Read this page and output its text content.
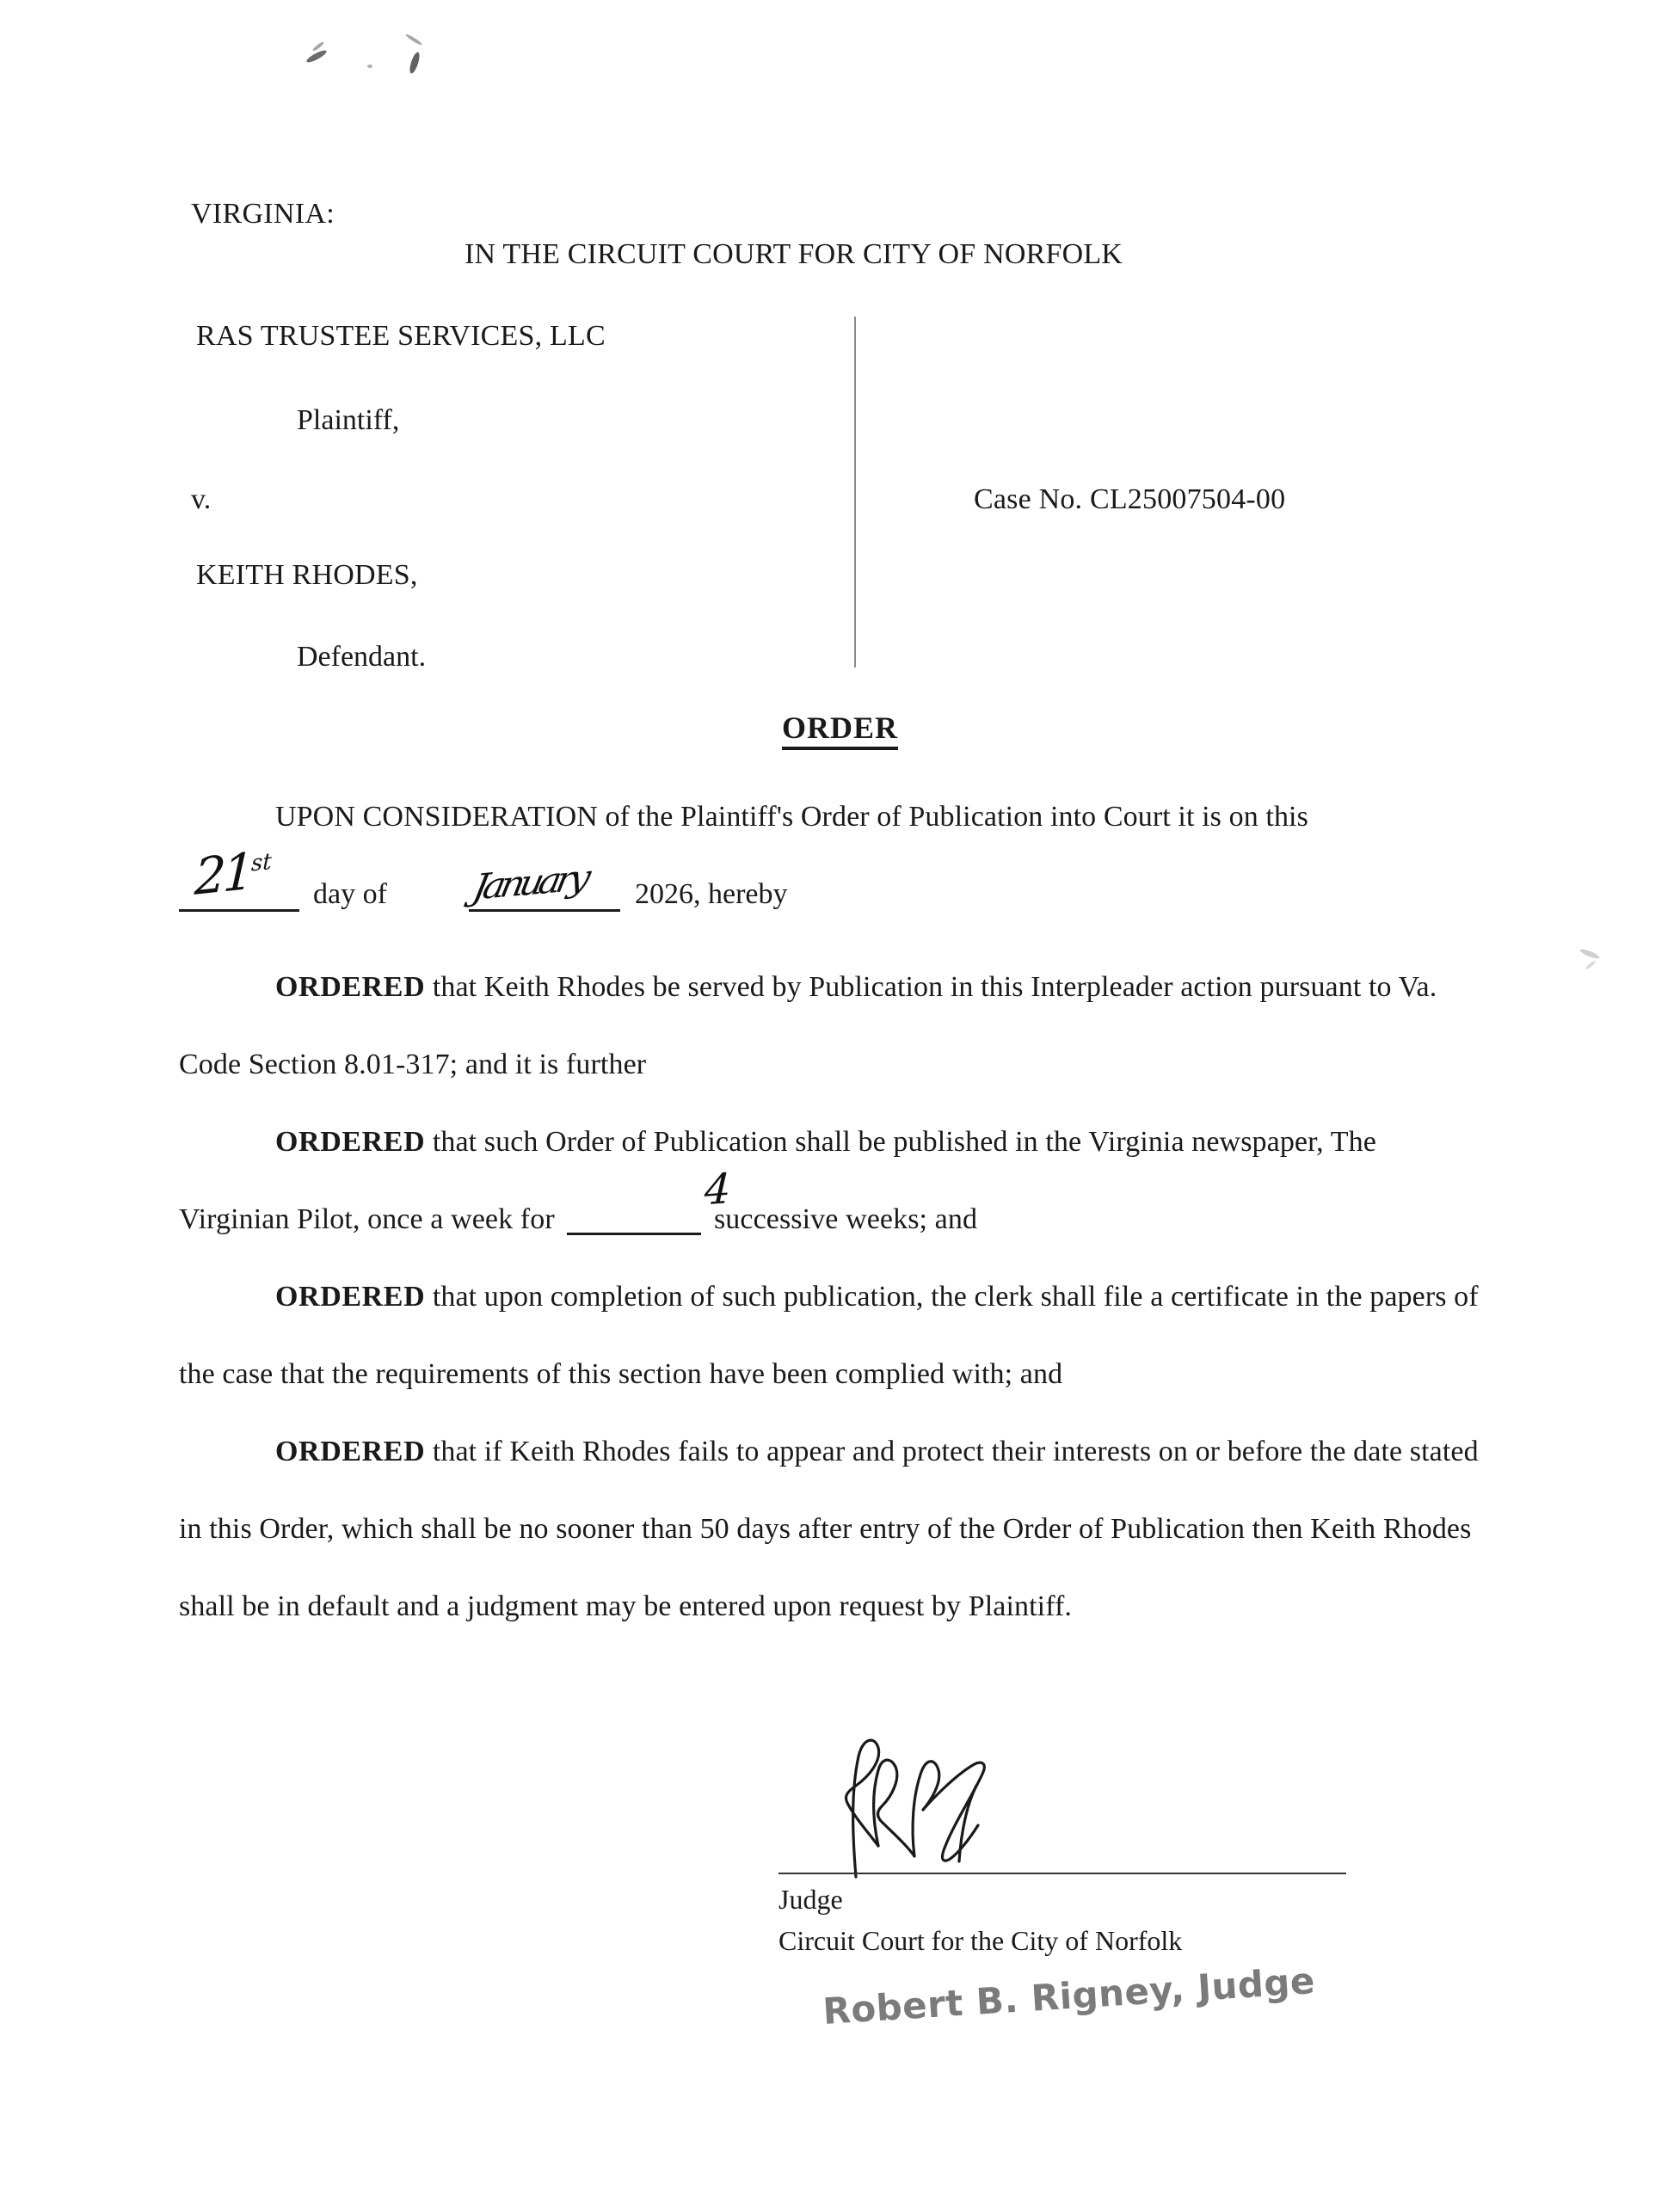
VIRGINIA:
IN THE CIRCUIT COURT FOR CITY OF NORFOLK
RAS TRUSTEE SERVICES, LLC
Plaintiff,
v.
KEITH RHODES,
Defendant.
Case No. CL25007504-00
ORDER

UPON CONSIDERATION of the Plaintiff's Order of Publication into Court it is on this

21st
day of January 2026, hereby

ORDERED that Keith Rhodes be served by Publication in this Interpleader action pursuant to Va. Code Section 8.01-317; and it is further

ORDERED that such Order of Publication shall be published in the Virginia newspaper, The Virginian Pilot, once a week for
4
successive weeks; and

ORDERED that upon completion of such publication, the clerk shall file a certificate in the papers of the case that the requirements of this section have been complied with; and

ORDERED that if Keith Rhodes fails to appear and protect their interests on or before the date stated in this Order, which shall be no sooner than 50 days after entry of the Order of Publication then Keith Rhodes shall be in default and a judgment may be entered upon request by Plaintiff.

Judge
Circuit Court for the City of Norfolk
Robert B. Rigney, Judge
